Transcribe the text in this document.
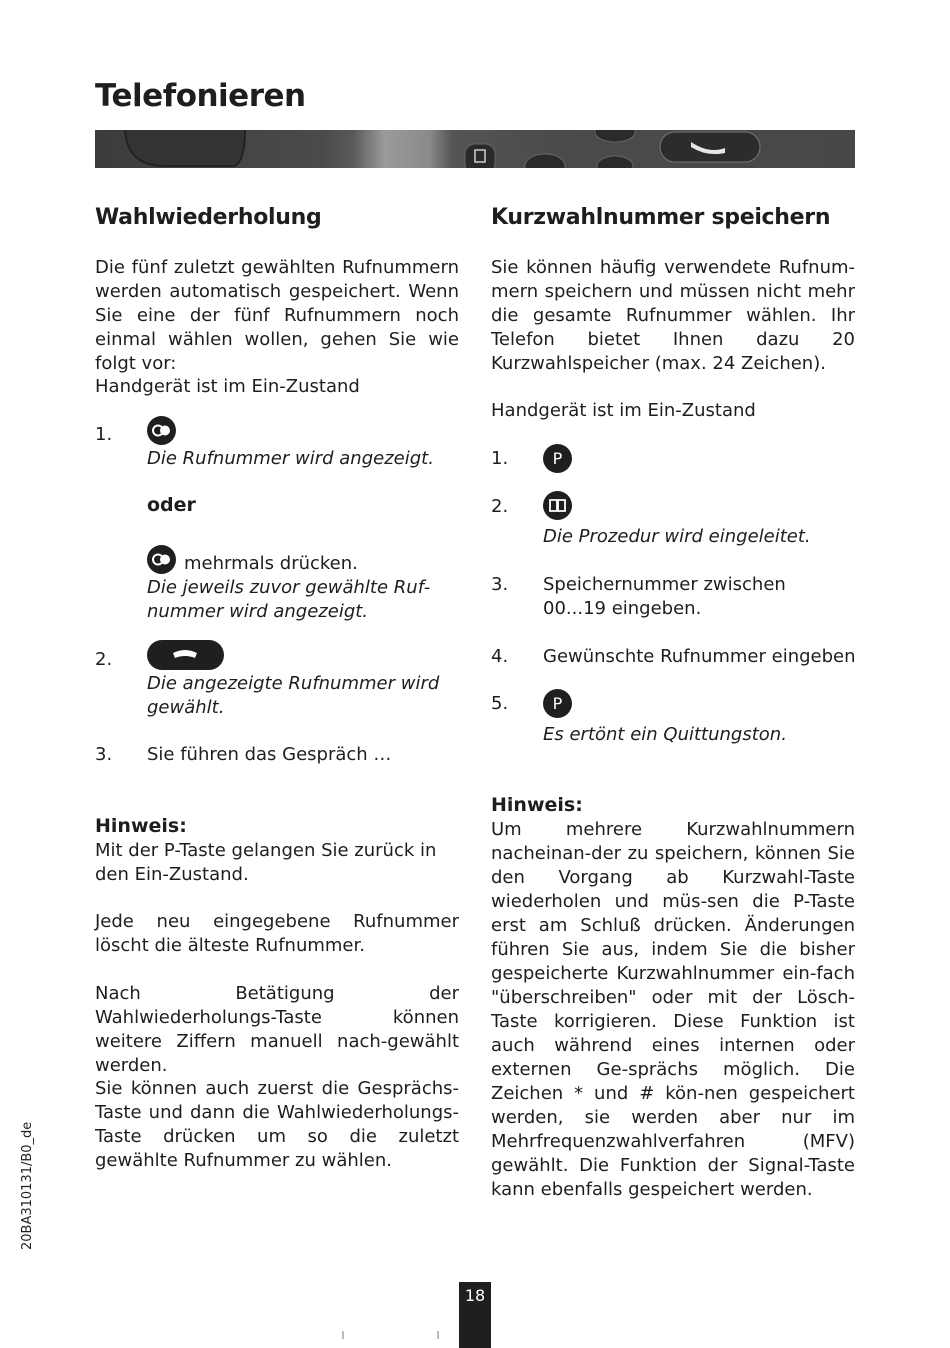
Telefonieren
Wahlwiederholung
Die fünf zuletzt gewählten Rufnummern werden automatisch gespeichert. Wenn Sie eine der fünf Rufnummern noch einmal wählen wollen, gehen Sie wie folgt vor:
Handgerät ist im Ein-Zustand
1.
Die Rufnummer wird angezeigt.
oder
mehrmals drücken.
Die jeweils zuvor gewählte Ruf-nummer wird angezeigt.
2.
Die angezeigte Rufnummer wird gewählt.
3. Sie führen das Gespräch …
Hinweis:
Mit der P-Taste gelangen Sie zurück in den Ein-Zustand.
Jede neu eingegebene Rufnummer löscht die älteste Rufnummer.
Nach Betätigung der Wahlwiederholungs-Taste können weitere Ziffern manuell nach-gewählt werden.
Sie können auch zuerst die Gesprächs-Taste und dann die Wahlwiederholungs-Taste drücken um so die zuletzt gewählte Rufnummer zu wählen.
Kurzwahlnummer speichern
Sie können häufig verwendete Rufnum-mern speichern und müssen nicht mehr die gesamte Rufnummer wählen. Ihr Telefon bietet Ihnen dazu 20 Kurzwahlspeicher (max. 24 Zeichen).
Handgerät ist im Ein-Zustand
1.	P
2.
Die Prozedur wird eingeleitet.
3. Speichernummer zwischen 00...19 eingeben.
4. Gewünschte Rufnummer eingeben
5.	P
Es ertönt ein Quittungston.
Hinweis:
Um mehrere Kurzwahlnummern nacheinan-der zu speichern, können Sie den Vorgang ab Kurzwahl-Taste wiederholen und müs-sen die P-Taste erst am Schluß drücken. Änderungen führen Sie aus, indem Sie die bisher gespeicherte Kurzwahlnummer ein-fach "überschreiben" oder mit der Lösch-Taste korrigieren. Diese Funktion ist auch während eines internen oder externen Ge-sprächs möglich. Die Zeichen * und # kön-nen gespeichert werden, sie werden aber nur im Mehrfrequenzwahlverfahren (MFV) gewählt. Die Funktion der Signal-Taste kann ebenfalls gespeichert werden.
20BA310131/B0_de
18
